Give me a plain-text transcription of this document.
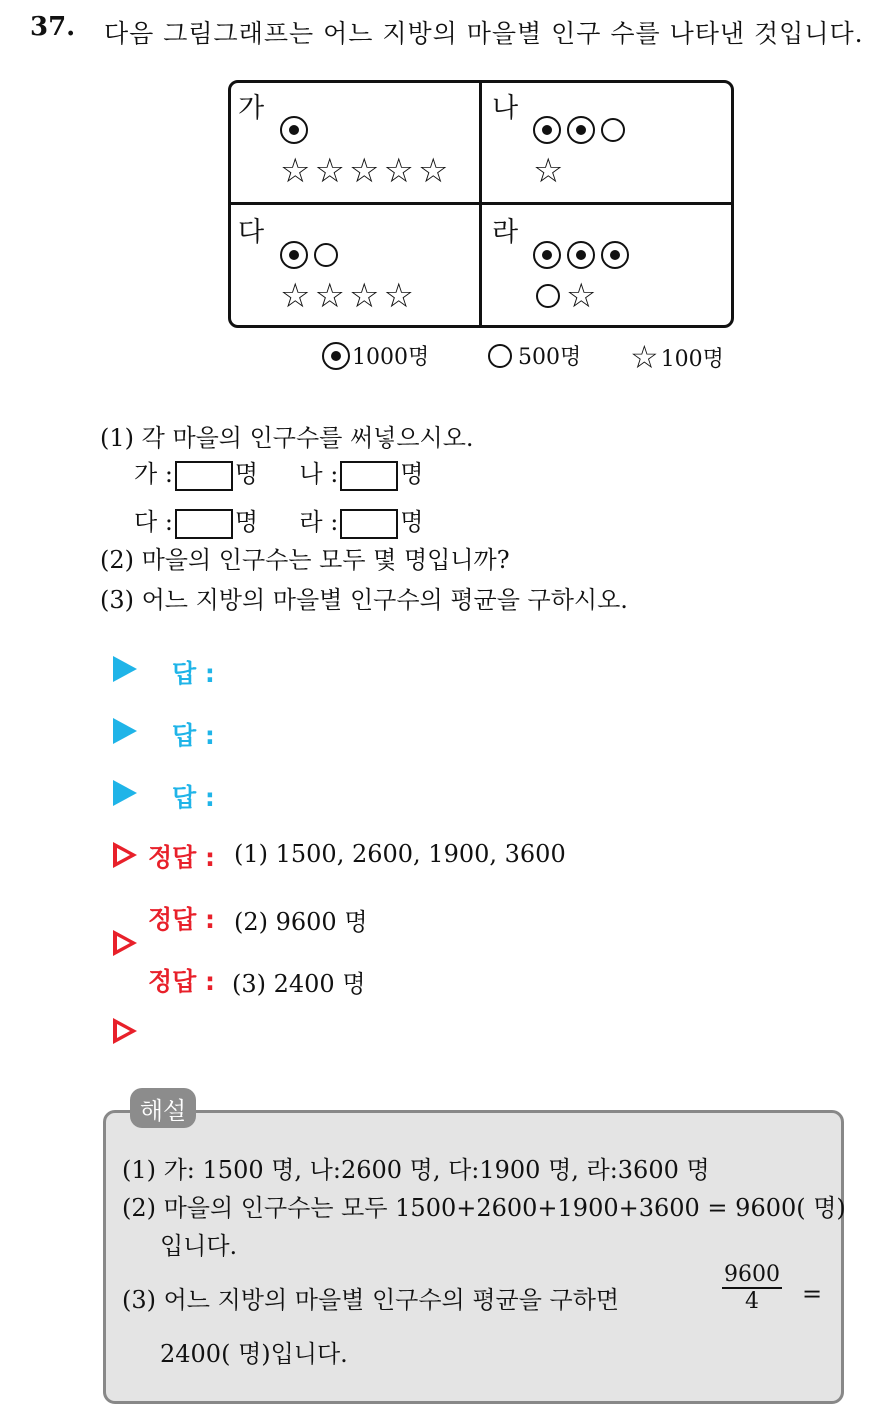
37. 다음 그림그래프는 어느 지방의 마을별 인구 수를 나타낸 것입니다.
가
☆ ☆ ☆ ☆ ☆
나
☆
다
☆ ☆ ☆ ☆
라
☆
1000명	500명 ☆ 100명
(1) 각 마을의 인구수를 써넣으시오.
가 :	명 나 :	명
다 :	명 라 :	명
(2) 마을의 인구수는 모두 몇 명입니까?
(3) 어느 지방의 마을별 인구수의 평균을 구하시오.
답 :
답 :
답 :
정답 : (1) 1500, 2600, 1900, 3600
정답 : (2) 9600 명
정답 : (3) 2400 명
해설
(1) 가: 1500 명, 나:2600 명, 다:1900 명, 라:3600 명
(2) 마을의 인구수는 모두 1500+2600+1900+3600 = 9600( 명)
입니다.
(3) 어느 지방의 마을별 인구수의 평균을 구하면	$\frac{9600}{4}$ =
2400( 명)입니다.
